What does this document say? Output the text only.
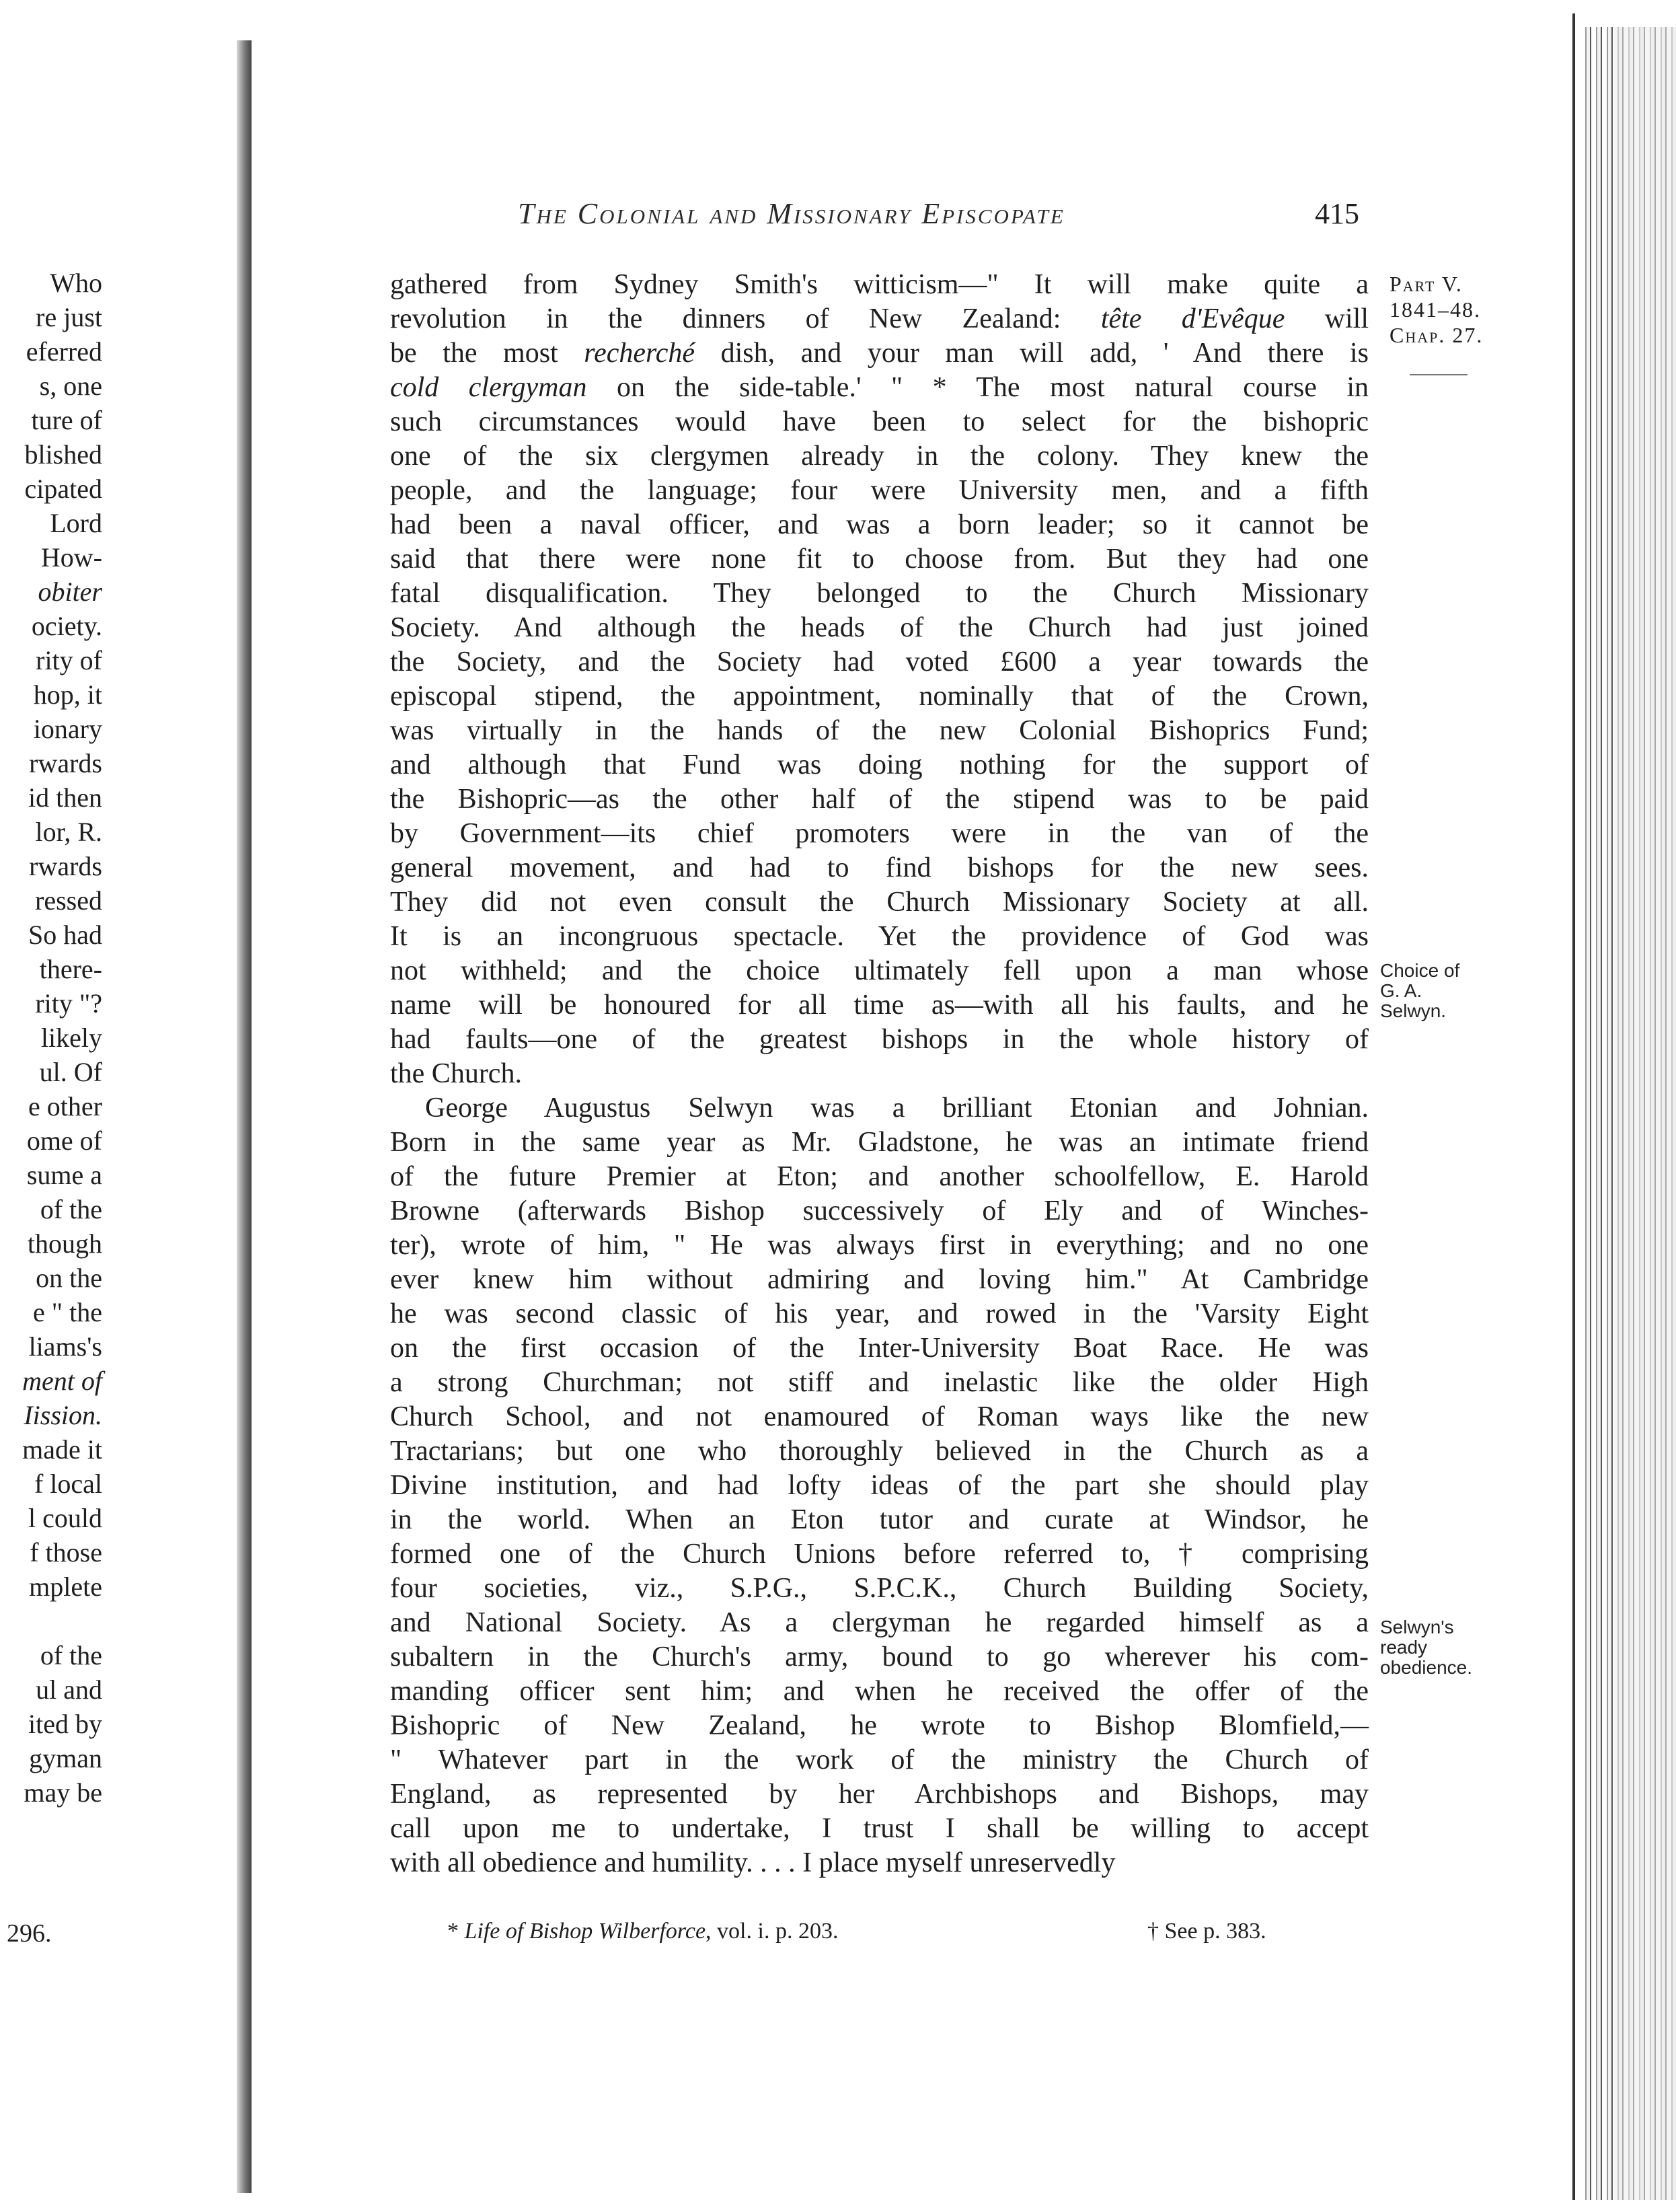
Who
re just
eferred
s, one
ture of
blished
cipated
Lord
How-
obiter
ociety.
rity of
hop, it
ionary
rwards
id then
lor, R.
rwards
ressed
So had
there-
rity "?
likely
ul. Of
e other
ome of
sume a
of the
though
on the
e " the
liams's
ment of
Iission.
made it
f local
l could
f those
mplete
of the
ul and
ited by
gyman
may be
296.
The Colonial and Missionary Episcopate	415
gathered from Sydney Smith's witticism—" It will make quite a
revolution in the dinners of New Zealand: tête d'Evêque will
be the most recherché dish, and your man will add, ' And there is
cold clergyman on the side-table.' " * The most natural course in
such circumstances would have been to select for the bishopric
one of the six clergymen already in the colony. They knew the
people, and the language; four were University men, and a fifth
had been a naval officer, and was a born leader; so it cannot be
said that there were none fit to choose from. But they had one
fatal disqualification. They belonged to the Church Missionary
Society. And although the heads of the Church had just joined
the Society, and the Society had voted £600 a year towards the
episcopal stipend, the appointment, nominally that of the Crown,
was virtually in the hands of the new Colonial Bishoprics Fund;
and although that Fund was doing nothing for the support of
the Bishopric—as the other half of the stipend was to be paid
by Government—its chief promoters were in the van of the
general movement, and had to find bishops for the new sees.
They did not even consult the Church Missionary Society at all.
It is an incongruous spectacle. Yet the providence of God was
not withheld; and the choice ultimately fell upon a man whose
name will be honoured for all time as—with all his faults, and he
had faults—one of the greatest bishops in the whole history of
the Church.
George Augustus Selwyn was a brilliant Etonian and Johnian.
Born in the same year as Mr. Gladstone, he was an intimate friend
of the future Premier at Eton; and another schoolfellow, E. Harold
Browne (afterwards Bishop successively of Ely and of Winches-
ter), wrote of him, " He was always first in everything; and no one
ever knew him without admiring and loving him." At Cambridge
he was second classic of his year, and rowed in the 'Varsity Eight
on the first occasion of the Inter-University Boat Race. He was
a strong Churchman; not stiff and inelastic like the older High
Church School, and not enamoured of Roman ways like the new
Tractarians; but one who thoroughly believed in the Church as a
Divine institution, and had lofty ideas of the part she should play
in the world. When an Eton tutor and curate at Windsor, he
formed one of the Church Unions before referred to, † comprising
four societies, viz., S.P.G., S.P.C.K., Church Building Society,
and National Society. As a clergyman he regarded himself as a
subaltern in the Church's army, bound to go wherever his com-
manding officer sent him; and when he received the offer of the
Bishopric of New Zealand, he wrote to Bishop Blomfield,—
" Whatever part in the work of the ministry the Church of
England, as represented by her Archbishops and Bishops, may
call upon me to undertake, I trust I shall be willing to accept
with all obedience and humility. . . . I place myself unreservedly
Part V.
1841–48.
Chap. 27.
Choice of
G. A.
Selwyn.
Selwyn's
ready
obedience.
* Life of Bishop Wilberforce, vol. i. p. 203.	† See p. 383.
